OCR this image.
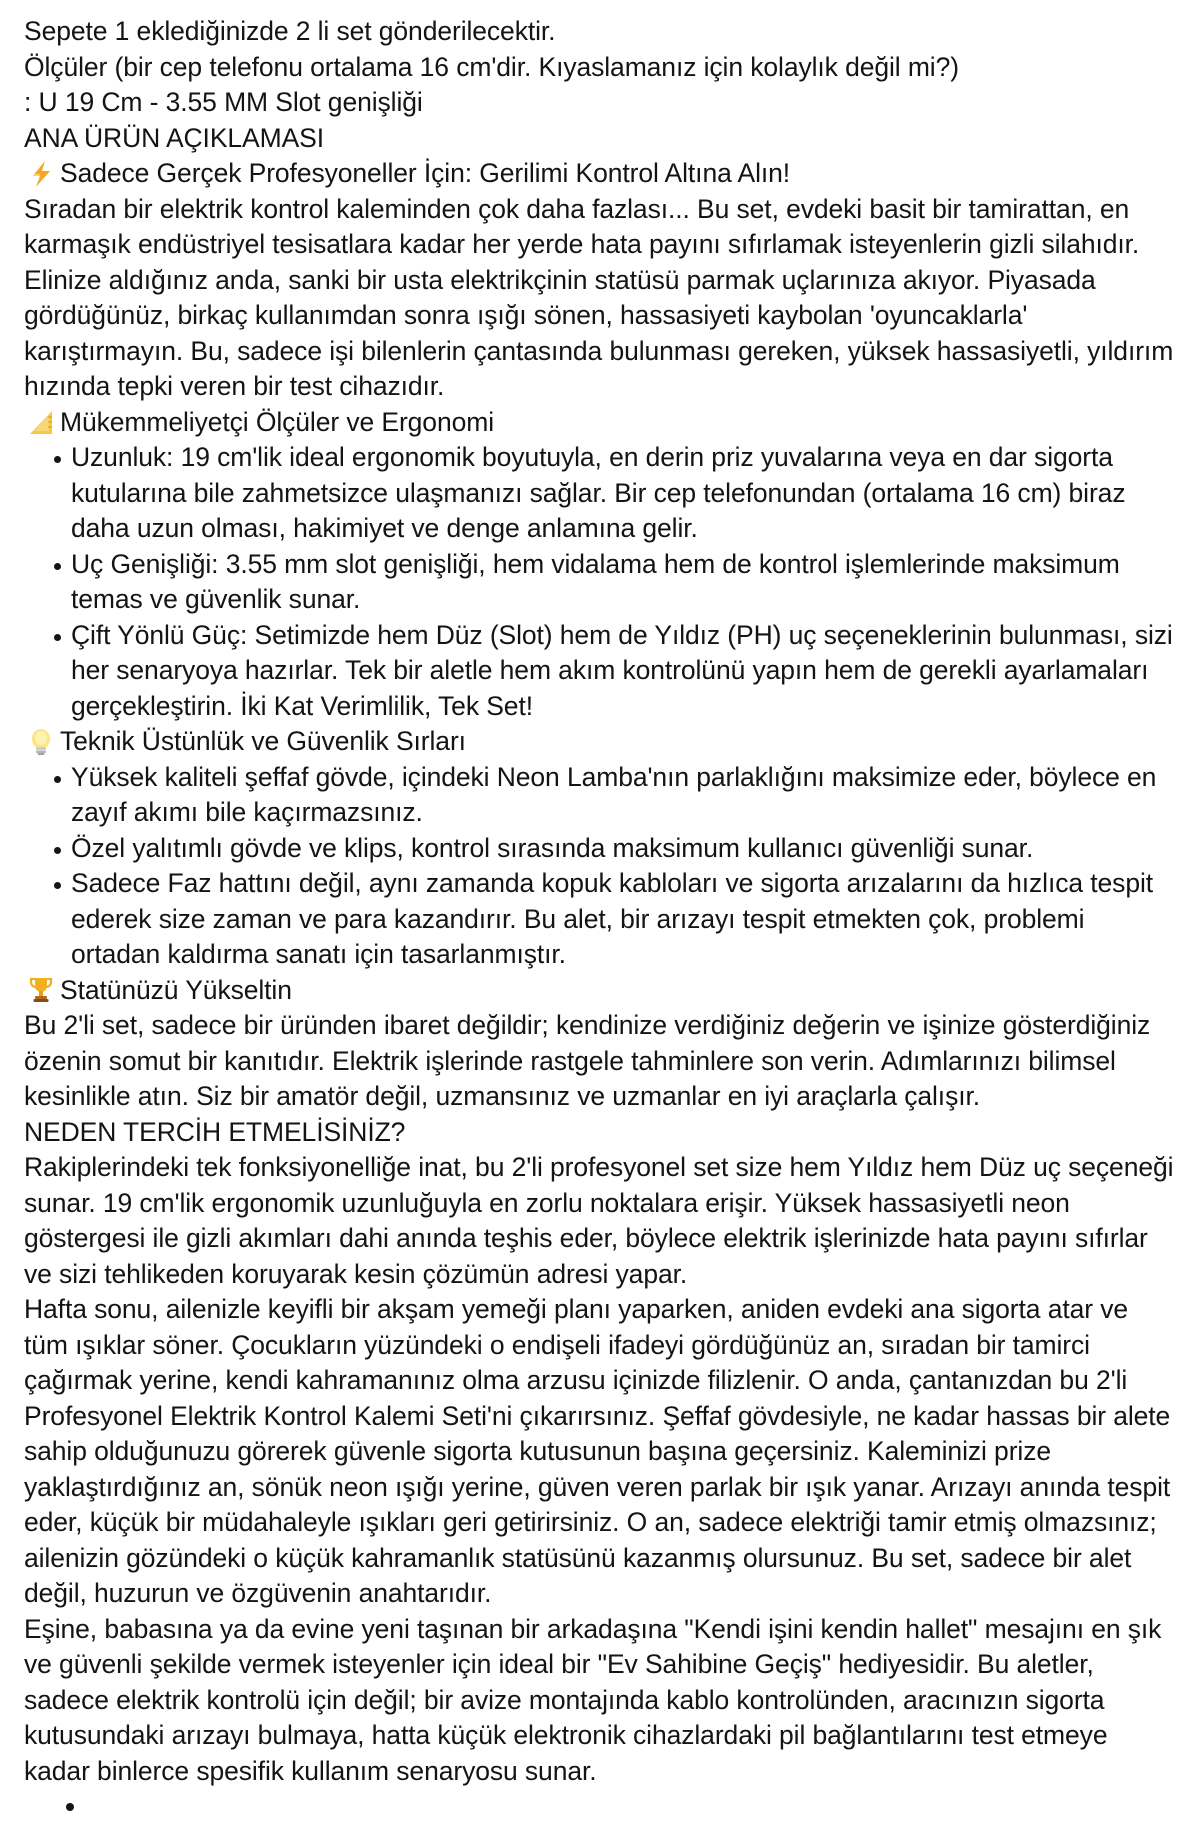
Sepete 1 eklediğinizde 2 li set gönderilecektir.
Ölçüler (bir cep telefonu ortalama 16 cm'dir. Kıyaslamanız için kolaylık değil mi?)
: U 19 Cm - 3.55 MM Slot genişliği
ANA ÜRÜN AÇIKLAMASI
Sadece Gerçek Profesyoneller İçin: Gerilimi Kontrol Altına Alın!

Sıradan bir elektrik kontrol kaleminden çok daha fazlası... Bu set, evdeki basit bir tamirattan, en karmaşık endüstriyel tesisatlara kadar her yerde hata payını sıfırlamak isteyenlerin gizli silahıdır. Elinize aldığınız anda, sanki bir usta elektrikçinin statüsü parmak uçlarınıza akıyor. Piyasada gördüğünüz, birkaç kullanımdan sonra ışığı sönen, hassasiyeti kaybolan 'oyuncaklarla' karıştırmayın. Bu, sadece işi bilenlerin çantasında bulunması gereken, yüksek hassasiyetli, yıldırım hızında tepki veren bir test cihazıdır.

Mükemmeliyetçi Ölçüler ve Ergonomi
Uzunluk: 19 cm'lik ideal ergonomik boyutuyla, en derin priz yuvalarına veya en dar sigorta kutularına bile zahmetsizce ulaşmanızı sağlar. Bir cep telefonundan (ortalama 16 cm) biraz daha uzun olması, hakimiyet ve denge anlamına gelir.
Uç Genişliği: 3.55 mm slot genişliği, hem vidalama hem de kontrol işlemlerinde maksimum temas ve güvenlik sunar.
Çift Yönlü Güç: Setimizde hem Düz (Slot) hem de Yıldız (PH) uç seçeneklerinin bulunması, sizi her senaryoya hazırlar. Tek bir aletle hem akım kontrolünü yapın hem de gerekli ayarlamaları gerçekleştirin. İki Kat Verimlilik, Tek Set!
Teknik Üstünlük ve Güvenlik Sırları
Yüksek kaliteli şeffaf gövde, içindeki Neon Lamba'nın parlaklığını maksimize eder, böylece en zayıf akımı bile kaçırmazsınız.
Özel yalıtımlı gövde ve klips, kontrol sırasında maksimum kullanıcı güvenliği sunar.
Sadece Faz hattını değil, aynı zamanda kopuk kabloları ve sigorta arızalarını da hızlıca tespit ederek size zaman ve para kazandırır. Bu alet, bir arızayı tespit etmekten çok, problemi ortadan kaldırma sanatı için tasarlanmıştır.
Statünüzü Yükseltin

Bu 2'li set, sadece bir üründen ibaret değildir; kendinize verdiğiniz değerin ve işinize gösterdiğiniz özenin somut bir kanıtıdır. Elektrik işlerinde rastgele tahminlere son verin. Adımlarınızı bilimsel kesinlikle atın. Siz bir amatör değil, uzmansınız ve uzmanlar en iyi araçlarla çalışır.

NEDEN TERCİH ETMELİSİNİZ?

Rakiplerindeki tek fonksiyonelliğe inat, bu 2'li profesyonel set size hem Yıldız hem Düz uç seçeneği sunar. 19 cm'lik ergonomik uzunluğuyla en zorlu noktalara erişir. Yüksek hassasiyetli neon göstergesi ile gizli akımları dahi anında teşhis eder, böylece elektrik işlerinizde hata payını sıfırlar ve sizi tehlikeden koruyarak kesin çözümün adresi yapar.

Hafta sonu, ailenizle keyifli bir akşam yemeği planı yaparken, aniden evdeki ana sigorta atar ve tüm ışıklar söner. Çocukların yüzündeki o endişeli ifadeyi gördüğünüz an, sıradan bir tamirci çağırmak yerine, kendi kahramanınız olma arzusu içinizde filizlenir. O anda, çantanızdan bu 2'li Profesyonel Elektrik Kontrol Kalemi Seti'ni çıkarırsınız. Şeffaf gövdesiyle, ne kadar hassas bir alete sahip olduğunuzu görerek güvenle sigorta kutusunun başına geçersiniz. Kaleminizi prize yaklaştırdığınız an, sönük neon ışığı yerine, güven veren parlak bir ışık yanar. Arızayı anında tespit eder, küçük bir müdahaleyle ışıkları geri getirirsiniz. O an, sadece elektriği tamir etmiş olmazsınız; ailenizin gözündeki o küçük kahramanlık statüsünü kazanmış olursunuz. Bu set, sadece bir alet değil, huzurun ve özgüvenin anahtarıdır.

Eşine, babasına ya da evine yeni taşınan bir arkadaşına "Kendi işini kendin hallet" mesajını en şık ve güvenli şekilde vermek isteyenler için ideal bir "Ev Sahibine Geçiş" hediyesidir. Bu aletler, sadece elektrik kontrolü için değil; bir avize montajında kablo kontrolünden, aracınızın sigorta kutusundaki arızayı bulmaya, hatta küçük elektronik cihazlardaki pil bağlantılarını test etmeye kadar binlerce spesifik kullanım senaryosu sunar.
